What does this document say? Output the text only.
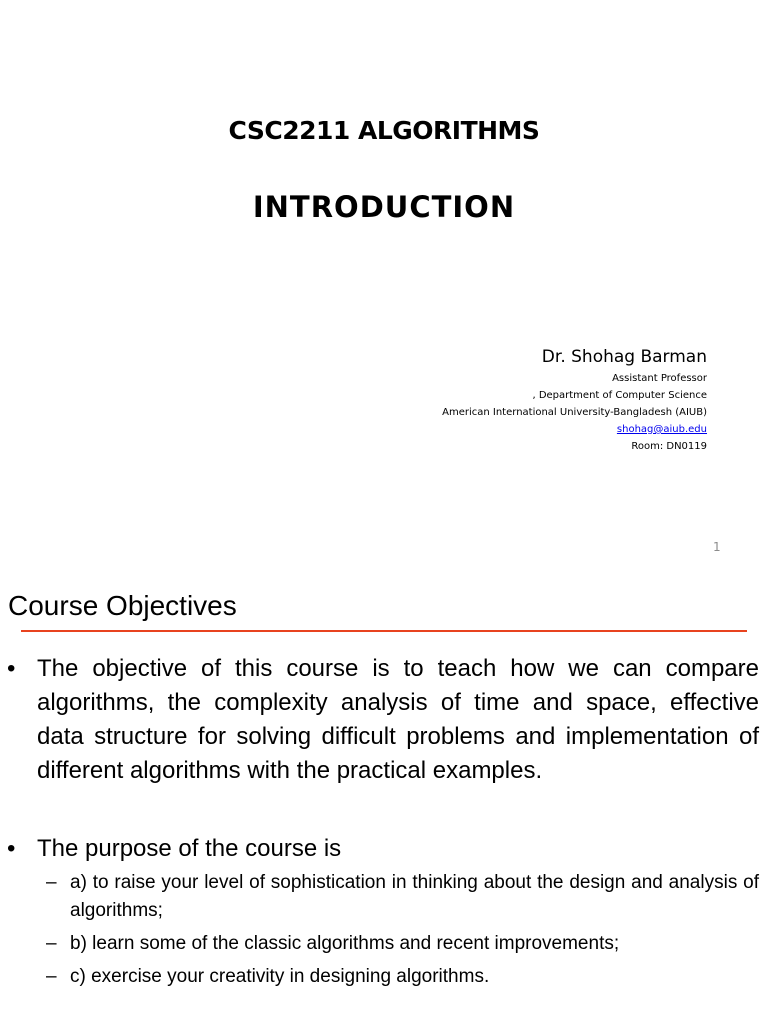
CSC2211 ALGORITHMS
INTRODUCTION
Dr. Shohag Barman
Assistant Professor
, Department of Computer Science
American International University-Bangladesh (AIUB)
shohag@aiub.edu
Room: DN0119
1
Course Objectives
• The objective of this course is to teach how we can compare algorithms, the complexity analysis of time and space, effective data structure for solving difficult problems and implementation of different algorithms with the practical examples.
• The purpose of the course is
– a) to raise your level of sophistication in thinking about the design and analysis of algorithms;
– b) learn some of the classic algorithms and recent improvements;
– c) exercise your creativity in designing algorithms.
